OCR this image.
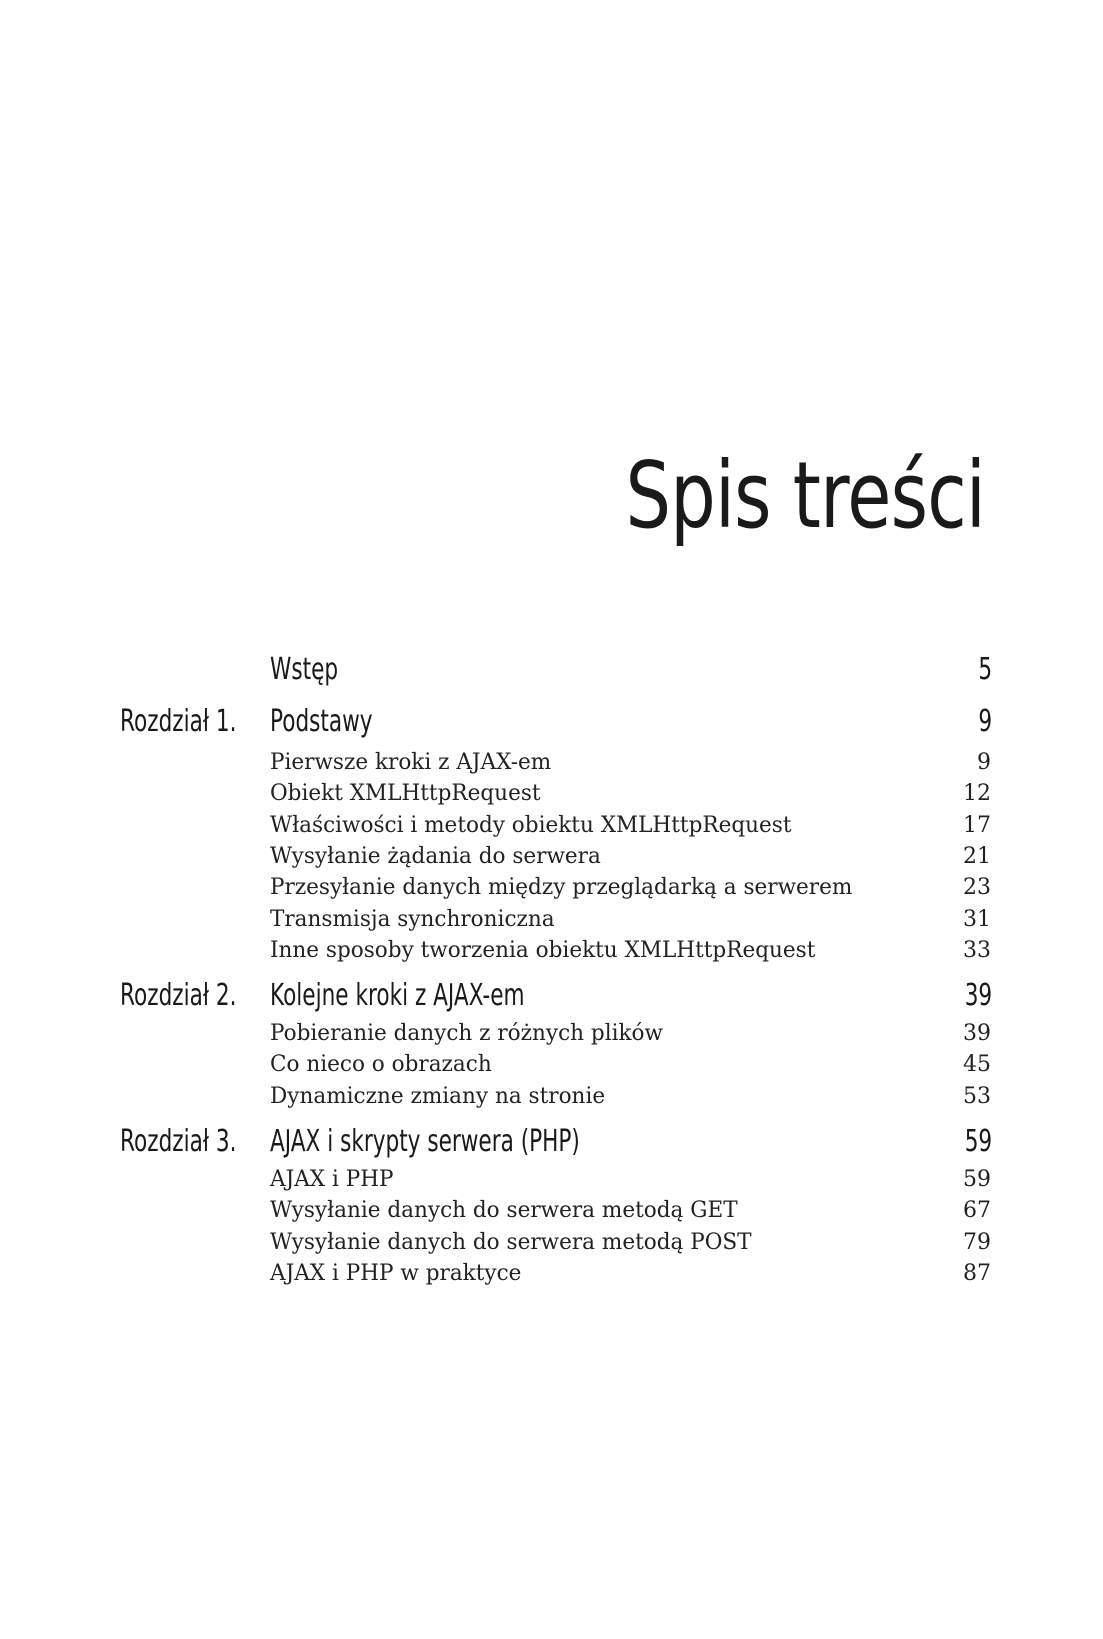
Spis treści
Wstęp	5
Rozdział 1. Podstawy	9
Pierwsze kroki z AJAX-em	9
Obiekt XMLHttpRequest	12
Właściwości i metody obiektu XMLHttpRequest	17
Wysyłanie żądania do serwera	21
Przesyłanie danych między przeglądarką a serwerem	23
Transmisja synchroniczna	31
Inne sposoby tworzenia obiektu XMLHttpRequest	33
Rozdział 2. Kolejne kroki z AJAX-em	39
Pobieranie danych z różnych plików	39
Co nieco o obrazach	45
Dynamiczne zmiany na stronie	53
Rozdział 3. AJAX i skrypty serwera (PHP)	59
AJAX i PHP	59
Wysyłanie danych do serwera metodą GET	67
Wysyłanie danych do serwera metodą POST	79
AJAX i PHP w praktyce	87
